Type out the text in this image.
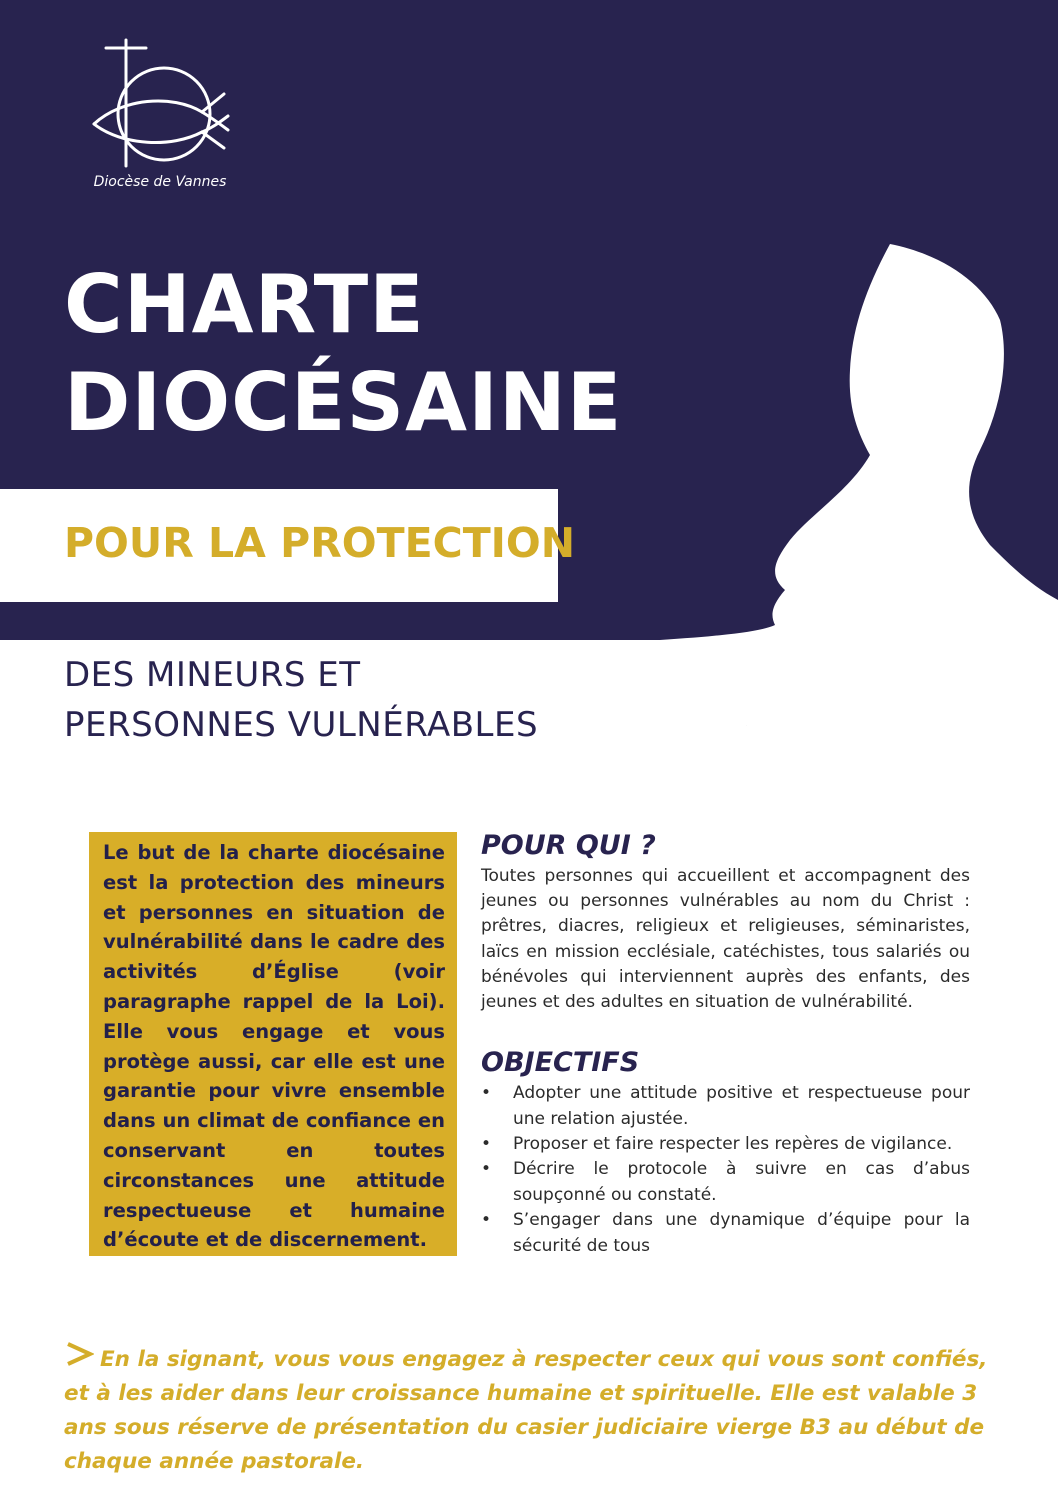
Diocèse de Vannes
CHARTE
DIOCÉSAINE
POUR LA PROTECTION
DES MINEURS ET
PERSONNES VULNÉRABLES
Le but de la charte diocésaine est la protection des mineurs et personnes en situation de vulnérabilité dans le cadre des activités d’Église (voir paragraphe rappel de la Loi). Elle vous engage et vous protège aussi, car elle est une garantie pour vivre ensemble dans un climat de confiance en conservant en toutes circonstances une attitude respectueuse et humaine d’écoute et de discernement.
POUR QUI ?
Toutes personnes qui accueillent et accompagnent des jeunes ou personnes vulnérables au nom du Christ : prêtres, diacres, religieux et religieuses, séminaristes, laïcs en mission ecclésiale, catéchistes, tous salariés ou bénévoles qui interviennent auprès des enfants, des jeunes et des adultes en situation de vulnérabilité.
OBJECTIFS
• Adopter une attitude positive et respectueuse pour une relation ajustée.
• Proposer et faire respecter les repères de vigilance.
• Décrire le protocole à suivre en cas d’abus soupçonné ou constaté.
• S’engager dans une dynamique d’équipe pour la sécurité de tous
En la signant, vous vous engagez à respecter ceux qui vous sont confiés, et à les aider dans leur croissance humaine et spirituelle. Elle est valable 3 ans sous réserve de présentation du casier judiciaire vierge B3 au début de chaque année pastorale.
